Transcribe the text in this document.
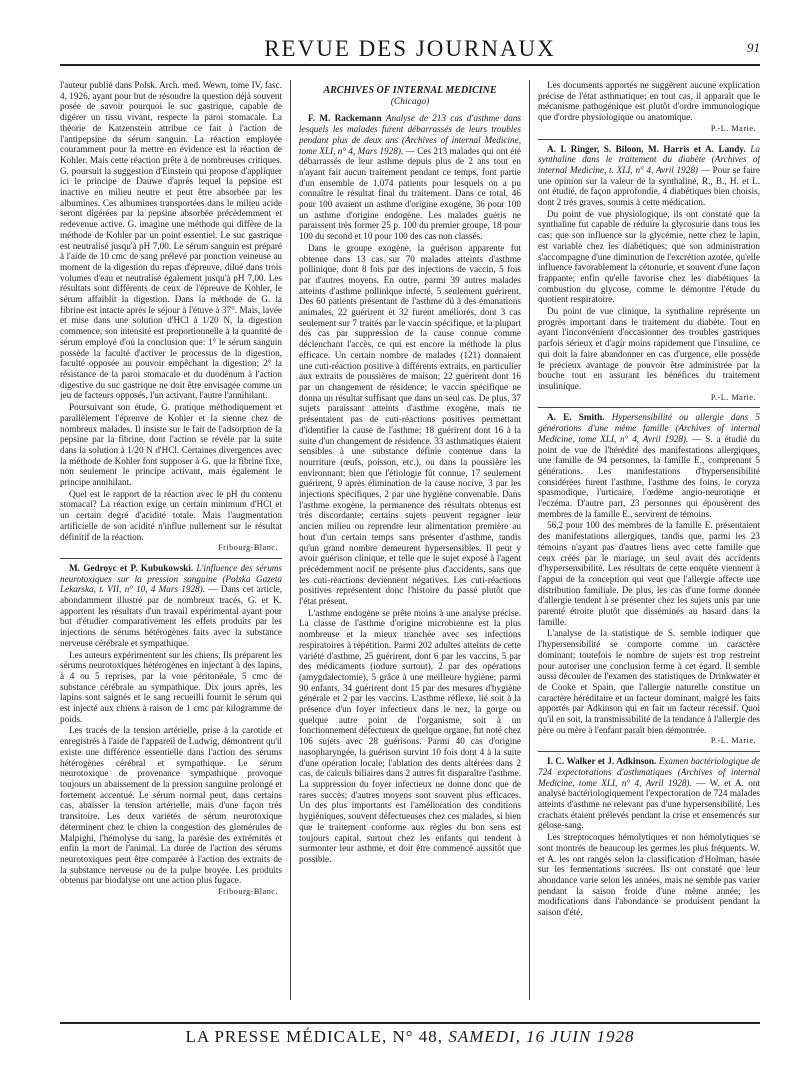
REVUE DES JOURNAUX	91

l'auteur publié dans Polsk. Arch. med. Wewn, tome IV, fasc. 4, 1926, ayant pour but de résoudre la question déjà souvent posée de savoir pourquoi le suc gastrique, capable de digérer un tissu vivant, respecte la paroi stomacale. La théorie de Katzenstein attribue ce fait à l'action de l'antipepsine du sérum sanguin. La réaction employée couramment pour la mettre en évidence est la réaction de Kohler. Mais cette réaction prête à de nombreuses critiques. G. poursuit la suggestion d'Einstein qui propose d'appliquer ici le principe de Dauwe d'après lequel la pepsine est inactive en milieu neutre et peut être absorbée par les albumines. Ces albumines transportées dans le milieu acide seront digérées par la pepsine absorbée précédemment et redevenue active. G. imagine une méthode qui diffère de la méthode de Kohler par un point essentiel. Le suc gastrique est neutralisé jusqu'à pH 7,00. Le sérum sanguin est préparé à l'aide de 10 cmc de sang prélevé par ponction veineuse au moment de la digestion du repas d'épreuve, dilué dans trois volumes d'eau et neutralisé également jusqu'à pH 7,00. Les résultats sont différents de ceux de l'épreuve de Kohler, le sérum affaiblit la digestion. Dans la méthode de G. la fibrine est intacte après le séjour à l'étuve à 37°. Mais, lavée et mise dans une solution d'HCl à 1/20 N, la digestion commence; son intensité est proportionnelle à la quantité de sérum employé d'où la conclusion que: 1° le sérum sanguin possède la faculté d'activer le processus de la digestion, faculté opposée au pouvoir empêchant la digestion; 2° la résistance de la paroi stomacale et du duodénum à l'action digestive du suc gastrique ne doit être envisagée comme un jeu de facteurs opposés, l'un activant, l'autre l'annihilant.

Poursuivant son étude, G. pratique méthodiquement et parallèlement l'épreuve de Kohler et la sienne chez de nombreux malades. Il insiste sur le fait de l'adsorption de la pepsine par la fibrine, dont l'action se révèle par la suite dans la solution à 1/20 N d'HCl. Certaines divergences avec la méthode de Kohler font supposer à G. que la fibrine fixe, non seulement le principe activant, mais également le principe annihilant.

Quel est le rapport de la réaction avec le pH du contenu stomacal? La réaction exige un certain minimum d'HCl et un certain degré d'acidité totale. Mais l'augmentation artificielle de son acidité n'influe nullement sur le résultat définitif de la réaction.

Fribourg-Blanc.

M. Gedroyc et P. Kubukowski. L'influence des sérums neurotoxiques sur la pression sanguine (Polska Gazeta Lekarska, t. VII, n° 10, 4 Mars 1928). — Dans cet article, abondamment illustré par de nombreux tracés, G. et K. apportent les résultats d'un travail expérimental ayant pour but d'étudier comparativement les effets produits par les injections de sérums hétérogènes faits avec la substance nerveuse cérébrale et sympathique.

Les auteurs expérimentent sur les chiens. Ils préparent les sérums neurotoxiques hétérogènes en injectant à des lapins, à 4 ou 5 reprises, par la voie péritonéale, 5 cmc de substance cérébrale au sympathique. Dix jours après, les lapins sont saignés et le sang recueilli fournit le sérum qui est injecté aux chiens à raison de 1 cmc par kilogramme de poids.

Les tracés de la tension artérielle, prise à la carotide et enregistrés à l'aide de l'appareil de Ludwig, démontrent qu'il existe une différence essentielle dans l'action des sérums hétérogènes cérébral et sympathique. Le sérum neurotoxique de provenance sympathique provoque toujours un abaissement de la pression sanguine prolongé et fortement accentué. Le sérum normal peut, dans certains cas, abaisser la tension artérielle, mais d'une façon très transitoire. Les deux variétés de sérum neurotoxique déterminent chez le chien la congestion des glomérules de Malpighi, l'hémolyse du sang, la parésie des extrémités et enfin la mort de l'animal. La durée de l'action des sérums neurotoxiques peut être comparée à l'action des extraits de la substance nerveuse ou de la pulpe broyée. Les produits obtenus par biodalyse ont une action plus fugace.

Fribourg-Blanc.
ARCHIVES OF INTERNAL MEDICINE
(Chicago)

F. M. Rackemann Analyse de 213 cas d'asthme dans lesquels les malades furent débarrassés de leurs troubles pendant plus de deux ans (Archives of internal Medicine, tome XLI, n° 4, Mars 1928). — Ces 213 malades qui ont été débarrassés de leur asthme depuis plus de 2 ans tout en n'ayant fait aucun traitement pendant ce temps, font partie d'un ensemble de 1.074 patients pour lesquels on a pu connaître le résultat final du traitement. Dans ce total, 46 pour 100 avaient un asthme d'origine exogène, 36 pour 100 un asthme d'origine endogène. Les malades guéris ne paraissent très former 25 p. 100 du premier groupe, 18 pour 100 du second et 10 pour 100 des cas non classés.

Dans le groupe exogène, la guérison apparente fut obtenue dans 13 cas sur 70 malades atteints d'asthme pollinique, dont 8 fois par des injections de vaccin, 5 fois par d'autres moyens. En outre, parmi 39 autres malades atteints d'asthme pollinique infecté, 5 seulement guérirent. Des 60 patients présentant de l'asthme dû à des émanations animales, 22 guérirent et 32 furent améliorés, dont 3 cas seulement sur 7 traités par le vaccin spécifique, et la plupart des cas par suppression de la cause connue comme déclenchant l'accès, ce qui est encore la méthode la plus efficace. Un certain nombre de malades (121) donnaient une cuti-réaction positive à différents extraits, en particulier aux extraits de poussières de maison; 22 guérirent dont 16 par un changement de résidence; le vaccin spécifique ne donna un résultat suffisant que dans un seul cas. De plus, 37 sujets paraissant atteints d'asthme exogène, mais ne présentaient pas de cuti-réactions positives permettant d'identifier la cause de l'asthme; 18 guérirent dont 16 à la suite d'un changement de résidence. 33 asthmatiques étaient sensibles à une substance définie contenue dans la nourriture (œufs, poisson, etc.), ou dans la poussière les environnant; bien que l'étiologie fût connue, 17 seulement guérirent, 9 après élimination de la cause nocive, 3 par les injections spécifiques, 2 par une hygiène convenable. Dans l'asthme exogène, la permanence des résultats obtenus est très discordante; certains sujets peuvent regagner leur ancien milieu ou reprendre leur alimentation première au bout d'un certain temps sans présenter d'asthme, tandis qu'un grand nombre demeurent hypersensibles. Il peut y avoir guérison clinique, et telle que le sujet exposé à l'agent précédemment nocif ne présente plus d'accidents, sans que les cuti-réactions deviennent négatives. Les cuti-réactions positives représentent donc l'histoire du passé plutôt que l'état présent.

L'asthme endogène se prête moins à une analyse précise. La classe de l'asthme d'origine microbienne est la plus nombreuse et la mieux tranchée avec ses infections respiratoires à répétition. Parmi 202 adultes atteints de cette variété d'asthme, 25 guérirent, dont 6 par les vaccins, 5 par des médicaments (iodure surtout), 2 par des opérations (amygdalectomie), 5 grâce à une meilleure hygiène; parmi 90 enfants, 34 guérirent dont 15 par des mesures d'hygiène générale et 2 par les vaccins. L'asthme réflexe, lié soit à la présence d'un foyer infectieux dans le nez, la gorge ou quelque autre point de l'organisme, soit à un fonctionnement défectueux de quelque organe, fut noté chez 106 sujets avec 28 guérisons. Parmi 40 cas d'origine nasopharyngée, la guérison survint 10 fois dont 4 à la suite d'une opération locale; l'ablation des dents altérées dans 2 cas, de calculs biliaires dans 2 autres fit disparaître l'asthme. La suppression du foyer infectieux ne donne donc que de rares succès; d'autres moyens sont souvent plus efficaces. Un des plus importants est l'amélioration des conditions hygiéniques, souvent défectueuses chez ces malades, si bien que le traitement conforme aux règles du bon sens est toujours capital, surtout chez les enfants qui tendent à surmonter leur asthme, et doit être commencé aussitôt que possible.

Les documents apportés ne suggèrent aucune explication précise de l'état asthmatique; en tout cas, il apparaît que le mécanisme pathogénique est plutôt d'ordre immunologique que d'ordre physiologique ou anatomique.

P.-L. Marie.

A. I. Ringer, S. Biloon, M. Harris et A. Landy. La synthaline dans le traitement du diabète (Archives of internal Medicine, t. XLI, n° 4, Avril 1928) — Pour se faire une opinion sur la valeur de la synthaline, R., B., H. et L. ont étudié, de façon approfondie, 4 diabétiques bien choisis, dont 2 très graves, soumis à cette médication.

Du point de vue physiologique, ils ont constaté que la synthaline fut capable de réduire la glycosurie dans tous les cas; que son influence sur la glycémie, nette chez le lapin, est variable chez les diabétiques; que son administration s'accompagne d'une diminution de l'excrétion azotée, qu'elle influence favorablement la cétonurie, et souvent d'une façon frappante; enfin qu'elle favorise chez les diabétiques la combustion du glycose, comme le démontre l'étude du quotient respiratoire.

Du point de vue clinique, la synthaline représente un progrès important dans le traitement du diabète. Tout en ayant l'inconvénient d'occasionner des troubles gastriques parfois sérieux et d'agir moins rapidement que l'insuline, ce qui doit la faire abandonner en cas d'urgence, elle possède le précieux avantage de pouvoir être administrée par la bouche tout en assurant les bénéfices du traitement insulinique.

P.-L. Marie.

A. E. Smith. Hypersensibilité ou allergie dans 5 générations d'une même famille (Archives of internal Medicine, tome XLI, n° 4, Avril 1928). — S. a étudié du point de vue de l'hérédité des manifestations allergiques, une famille de 94 personnes, la famille E., comprenant 5 générations. Les manifestations d'hypersensibilité considérées furent l'asthme, l'asthme des foins, le coryza spasmodique, l'urticaire, l'œdème angio-neurotique et l'eczéma. D'autre part, 23 personnes qui épousèrent des membres de la famille E., servirent de témoins.

56,2 pour 100 des membres de la famille E. présentaient des manifestations allergiques, tandis que, parmi les 23 témoins n'ayant pas d'autres liens avec cette famille que ceux créés par le mariage, un seul avait des accidents d'hypersensibilité. Les résultats de cette enquête viennent à l'appui de la conception qui veut que l'allergie affecte une distribution familiale. De plus, les cas d'une forme donnée d'allergie tendent à se présenter chez les sujets unis par une parenté étroite plutôt que disséminés au hasard dans la famille.

L'analyse de la statistique de S. semble indiquer que l'hypersensibilité se comporte comme un caractère dominant; toutefois le nombre de sujets est trop restreint pour autoriser une conclusion ferme à cet égard. Il semble aussi découler de l'examen des statistiques de Drinkwater et de Cooke et Spain, que l'allergie naturelle constitue un caractère héréditaire et un facteur dominant, malgré les faits apportés par Adkinson qui en fait un facteur récessif. Quoi qu'il en soit, la transmissibilité de la tendance à l'allergie des père ou mère à l'enfant paraît bien démontrée.

P.-L. Marie.

I. C. Walker et J. Adkinson. Examen bactériologique de 724 expectorations d'asthmatiques (Archives of internal Medicine, tome XLI, n° 4, Avril 1928). — W. et A. ont analysé bactériologiquement l'expectoration de 724 malades atteints d'asthme ne relevant pas d'une hypersensibilité. Les crachats étaient prélevés pendant la crise et ensemencés sur gélose-sang.

Les streptocoques hémolytiques et non hémolytiques se sont montrés de beaucoup les germes les plus fréquents. W. et A. les ont rangés selon la classification d'Holman, basée sur les fermentations sucrées. Ils ont constaté que leur abondance varie selon les années, mais ne semble pas varier pendant la saison froide d'une même année; les modifications dans l'abondance se produisent pendant la saison d'été.

LA PRESSE MÉDICALE, N° 48, SAMEDI, 16 JUIN 1928
